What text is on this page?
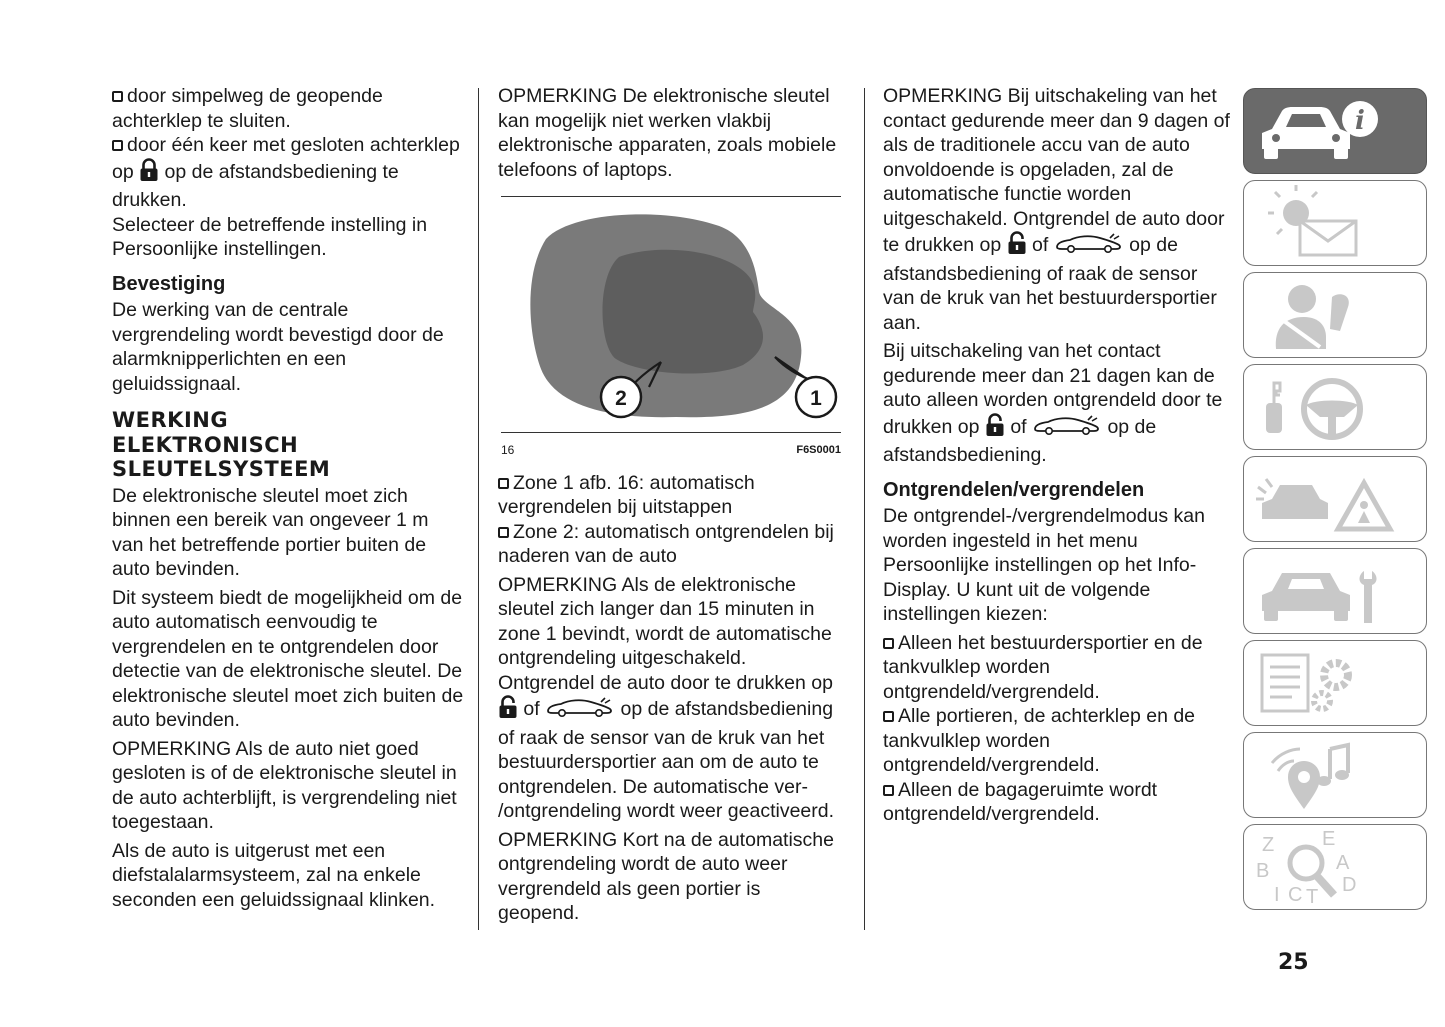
door simpelweg de geopende achterklep te sluiten.

door één keer met gesloten achterklep op op de afstandsbediening te drukken.

Selecteer de betreffende instelling in Persoonlijke instellingen.

Bevestiging

De werking van de centrale vergrendeling wordt bevestigd door de alarmknipperlichten en een geluidssignaal.

WERKING
ELEKTRONISCH
SLEUTELSYSTEEM

De elektronische sleutel moet zich binnen een bereik van ongeveer 1 m van het betreffende portier buiten de auto bevinden.

Dit systeem biedt de mogelijkheid om de auto automatisch eenvoudig te vergrendelen en te ontgrendelen door detectie van de elektronische sleutel. De elektronische sleutel moet zich buiten de auto bevinden.

OPMERKING Als de auto niet goed gesloten is of de elektronische sleutel in de auto achterblijft, is vergrendeling niet toegestaan.

Als de auto is uitgerust met een diefstalalarmsysteem, zal na enkele seconden een geluidssignaal klinken.

OPMERKING De elektronische sleutel kan mogelijk niet werken vlakbij elektronische apparaten, zoals mobiele telefoons of laptops.

2	1
16	F6S0001

Zone 1 afb. 16: automatisch vergrendelen bij uitstappen

Zone 2: automatisch ontgrendelen bij naderen van de auto

OPMERKING Als de elektronische sleutel zich langer dan 15 minuten in zone 1 bevindt, wordt de automatische ontgrendeling uitgeschakeld. Ontgrendel de auto door te drukken op  of	op de afstandsbediening of raak de sensor van de kruk van het bestuurdersportier aan om de auto te ontgrendelen. De automatische ver- /ontgrendeling wordt weer geactiveerd.

OPMERKING Kort na de automatische ontgrendeling wordt de auto weer vergrendeld als geen portier is geopend.

OPMERKING Bij uitschakeling van het contact gedurende meer dan 9 dagen of als de traditionele accu van de auto onvoldoende is opgeladen, zal de automatische functie worden uitgeschakeld. Ontgrendel de auto door te drukken op of	op de afstandsbediening of raak de sensor van de kruk van het bestuurdersportier aan.

Bij uitschakeling van het contact gedurende meer dan 21 dagen kan de auto alleen worden ontgrendeld door te drukken op of	op de afstandsbediening.

Ontgrendelen/vergrendelen

De ontgrendel-/vergrendelmodus kan worden ingesteld in het menu Persoonlijke instellingen op het Info-Display. U kunt uit de volgende instellingen kiezen:

Alleen het bestuurdersportier en de tankvulklep worden ontgrendeld/vergrendeld.

Alle portieren, de achterklep en de tankvulklep worden ontgrendeld/vergrendeld.

Alleen de bagageruimte wordt ontgrendeld/vergrendeld.

i
Z E
A
B
D
I C T
25
